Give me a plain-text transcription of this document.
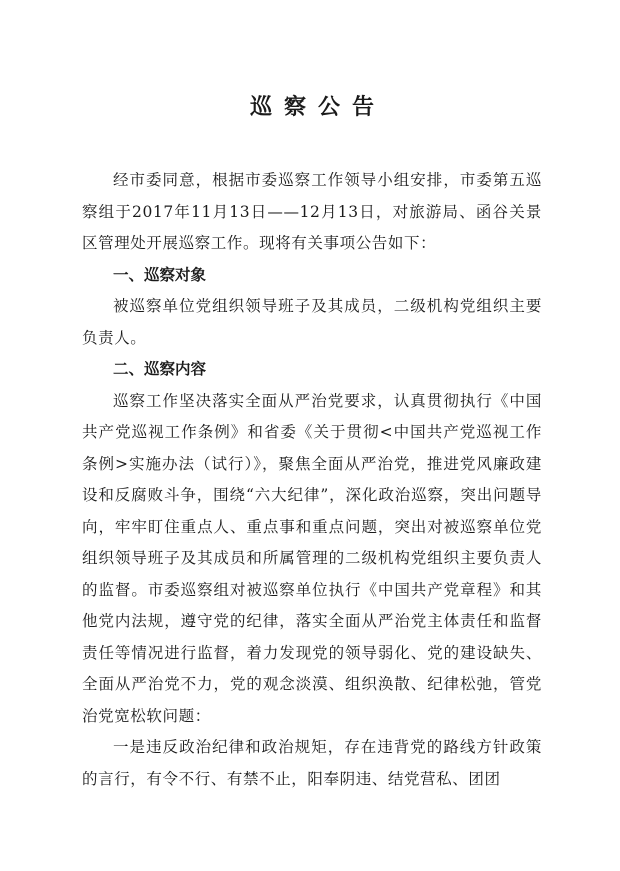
巡察公告

经市委同意，根据市委巡察工作领导小组安排，市委第五巡察组于2017年11月13日——12月13日，对旅游局、函谷关景区管理处开展巡察工作。现将有关事项公告如下：

一、巡察对象

被巡察单位党组织领导班子及其成员，二级机构党组织主要负责人。

二、巡察内容

巡察工作坚决落实全面从严治党要求，认真贯彻执行《中国共产党巡视工作条例》和省委《关于贯彻<中国共产党巡视工作条例>实施办法（试行）》，聚焦全面从严治党，推进党风廉政建设和反腐败斗争，围绕“六大纪律”，深化政治巡察，突出问题导向，牢牢盯住重点人、重点事和重点问题，突出对被巡察单位党组织领导班子及其成员和所属管理的二级机构党组织主要负责人的监督。市委巡察组对被巡察单位执行《中国共产党章程》和其他党内法规，遵守党的纪律，落实全面从严治党主体责任和监督责任等情况进行监督，着力发现党的领导弱化、党的建设缺失、全面从严治党不力，党的观念淡漠、组织涣散、纪律松弛，管党治党宽松软问题：

一是违反政治纪律和政治规矩，存在违背党的路线方针政策的言行，有令不行、有禁不止，阳奉阴违、结党营私、团团
